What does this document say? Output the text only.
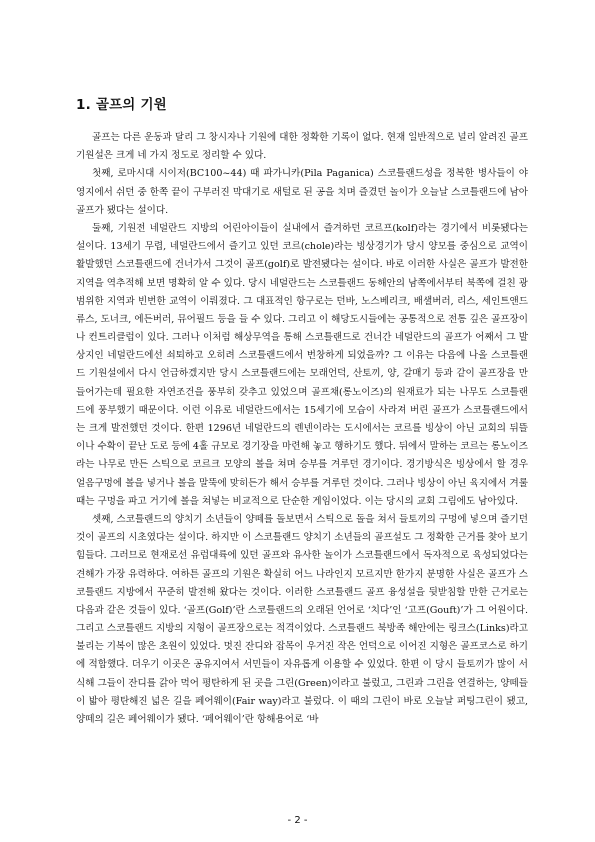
1. 골프의 기원

골프는 다른 운동과 달리 그 창시자나 기원에 대한 정확한 기록이 없다. 현재 일반적으로 널리 알려진 골프기원설은 크게 네 가지 정도로 정리할 수 있다.

첫째, 로마시대 시이저(BC100~44) 때 파가니카(Pila Paganica) 스코틀랜드성을 정복한 병사들이 야영지에서 쉬던 중 한쪽 끝이 구부러진 막대기로 새털로 된 공을 치며 즐겼던 놀이가 오늘날 스코틀랜드에 남아 골프가 됐다는 설이다.

둘째, 기원전 네덜란드 지방의 어린아이들이 실내에서 즐겨하던 코르프(kolf)라는 경기에서 비롯됐다는 설이다. 13세기 무렵, 네덜란드에서 즐기고 있던 코르(chole)라는 빙상경기가 당시 양모를 중심으로 교역이 활발했던 스코틀랜드에 건너가서 그것이 골프(golf)로 발전됐다는 설이다. 바로 이러한 사실은 골프가 발전한 지역을 역추적해 보면 명확히 알 수 있다. 당시 네덜란드는 스코틀랜드 동해안의 남쪽에서부터 북쪽에 걸친 광범위한 지역과 빈번한 교역이 이뤄졌다. 그 대표적인 항구로는 던바, 노스베리크, 배샐버러, 리스, 세인트앤드류스, 도너크, 에든버러, 뮤어필드 등을 들 수 있다. 그리고 이 해당도시들에는 공통적으로 전통 깊은 골프장이나 컨트리클럽이 있다. 그러나 이처럼 해상무역을 통해 스코틀랜드로 건너간 네덜란드의 골프가 어째서 그 발상지인 네덜란드에선 쇠퇴하고 오히려 스코틀랜드에서 번창하게 되었을까? 그 이유는 다음에 나올 스코틀랜드 기원설에서 다시 언급하겠지만 당시 스코틀랜드에는 모래언덕, 산토끼, 양, 갈매기 등과 같이 골프장을 만들어가는데 필요한 자연조건을 풍부히 갖추고 있었으며 골프채(롱노이즈)의 원재료가 되는 나무도 스코틀랜드에 풍부했기 때문이다. 이런 이유로 네덜란드에서는 15세기에 모습이 사라져 버린 골프가 스코틀랜드에서는 크게 발전했던 것이다. 한편 1296년 네덜란드의 렌넨이라는 도시에서는 코르를 빙상이 아닌 교회의 뒤뜰이나 수확이 끝난 도로 등에 4홀 규모로 경기장을 마련해 놓고 행하기도 했다. 뒤에서 말하는 코르는 롱노이즈라는 나무로 만든 스틱으로 코르크 모양의 볼을 쳐며 승부를 겨루던 경기이다. 경기방식은 빙상에서 할 경우 얼음구멍에 볼을 넣거나 볼을 말뚝에 맞히든가 해서 승부를 겨루던 것이다. 그러나 빙상이 아닌 육지에서 겨룰 때는 구멍을 파고 거기에 볼을 쳐넣는 비교적으로 단순한 게임이었다. 이는 당시의 교회 그림에도 남아있다.

셋째, 스코틀랜드의 양치기 소년들이 양떼를 돌보면서 스틱으로 돌을 쳐서 들토끼의 구멍에 넣으며 즐기던 것이 골프의 시초였다는 설이다. 하지만 이 스코틀랜드 양치기 소년들의 골프설도 그 정확한 근거를 찾아 보기 힘들다. 그러므로 현재로선 유럽대륙에 있던 골프와 유사한 놀이가 스코틀랜드에서 독자적으로 육성되었다는 견해가 가장 유력하다. 여하튼 골프의 기원은 확실히 어느 나라인지 모르지만 한가지 분명한 사실은 골프가 스코틀랜드 지방에서 꾸준히 발전해 왔다는 것이다. 이러한 스코틀랜드 골프 융성설을 뒷받침할 만한 근거로는 다음과 같은 것들이 있다. ‘골프(Golf)’란 스코틀랜드의 오래된 언어로 ‘치다’인 ‘고프(Gouft)’가 그 어원이다. 그리고 스코틀랜드 지방의 지형이 골프장으로는 적격이었다. 스코틀랜드 북방족 해안에는 링크스(Links)라고 불리는 기복이 많은 초원이 있었다. 멋진 잔디와 잡목이 우거진 작은 언덕으로 이어진 지형은 골프코스로 하기에 적합했다. 더우기 이곳은 공유지여서 서민들이 자유롭게 이용할 수 있었다. 한편 이 당시 들토끼가 많이 서식해 그들이 잔디를 갉아 먹어 평탄하게 된 곳을 그린(Green)이라고 불렀고, 그린과 그린을 연결하는, 양떼들이 밟아 평탄해진 넓은 길을 페어웨이(Fair way)라고 불렀다. 이 때의 그린이 바로 오늘날 퍼팅그린이 됐고, 양떼의 길은 페어웨이가 됐다. ‘페어웨이’란 항해용어로 ‘바

- 2 -
